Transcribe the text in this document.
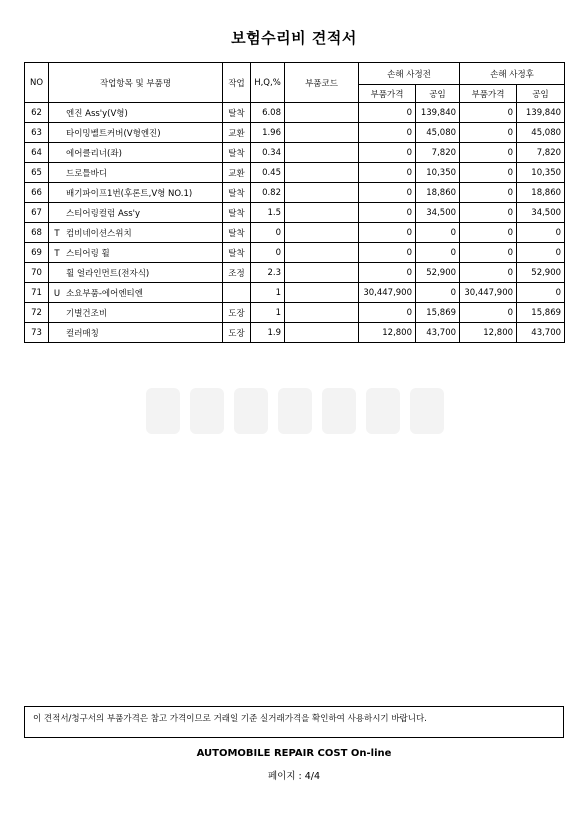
보험수리비 견적서
NO	작업항목 및 부품명	작업	H,Q,%	부품코드	손해 사정전		손해 사정후	
					부품가격	공임	부품가격	공임
62	엔진 Ass'y(V형)	탈착	6.08		0	139,840	0	139,840
63	타이밍벨트커버(V형엔진)	교환	1.96		0	45,080	0	45,080
64	에어클리너(좌)	탈착	0.34		0	7,820	0	7,820
65	드로틀바디	교환	0.45		0	10,350	0	10,350
66	배기파이프1번(후론트,V형 NO.1)	탈착	0.82		0	18,860	0	18,860
67	스티어링컬럼 Ass'y	탈착	1.5		0	34,500	0	34,500
68	T 컴비네이션스위치	탈착	0		0	0	0	0
69	T 스티어링 휠	탈착	0		0	0	0	0
70	휠 얼라인먼트(전자식)	조정	2.3		0	52,900	0	52,900
71	U 소요부품-에어엔티엔		1		30,447,900	0	30,447,900	0
72	기별건조비	도장	1		0	15,869	0	15,869
73	컬러매칭	도장	1.9		12,800	43,700	12,800	43,700
이 견적서/청구서의 부품가격은 참고 가격이므로 거래일 기준 실거래가격을 확인하여 사용하시기 바랍니다.
AUTOMOBILE REPAIR COST On-line
페이지 : 4/4
